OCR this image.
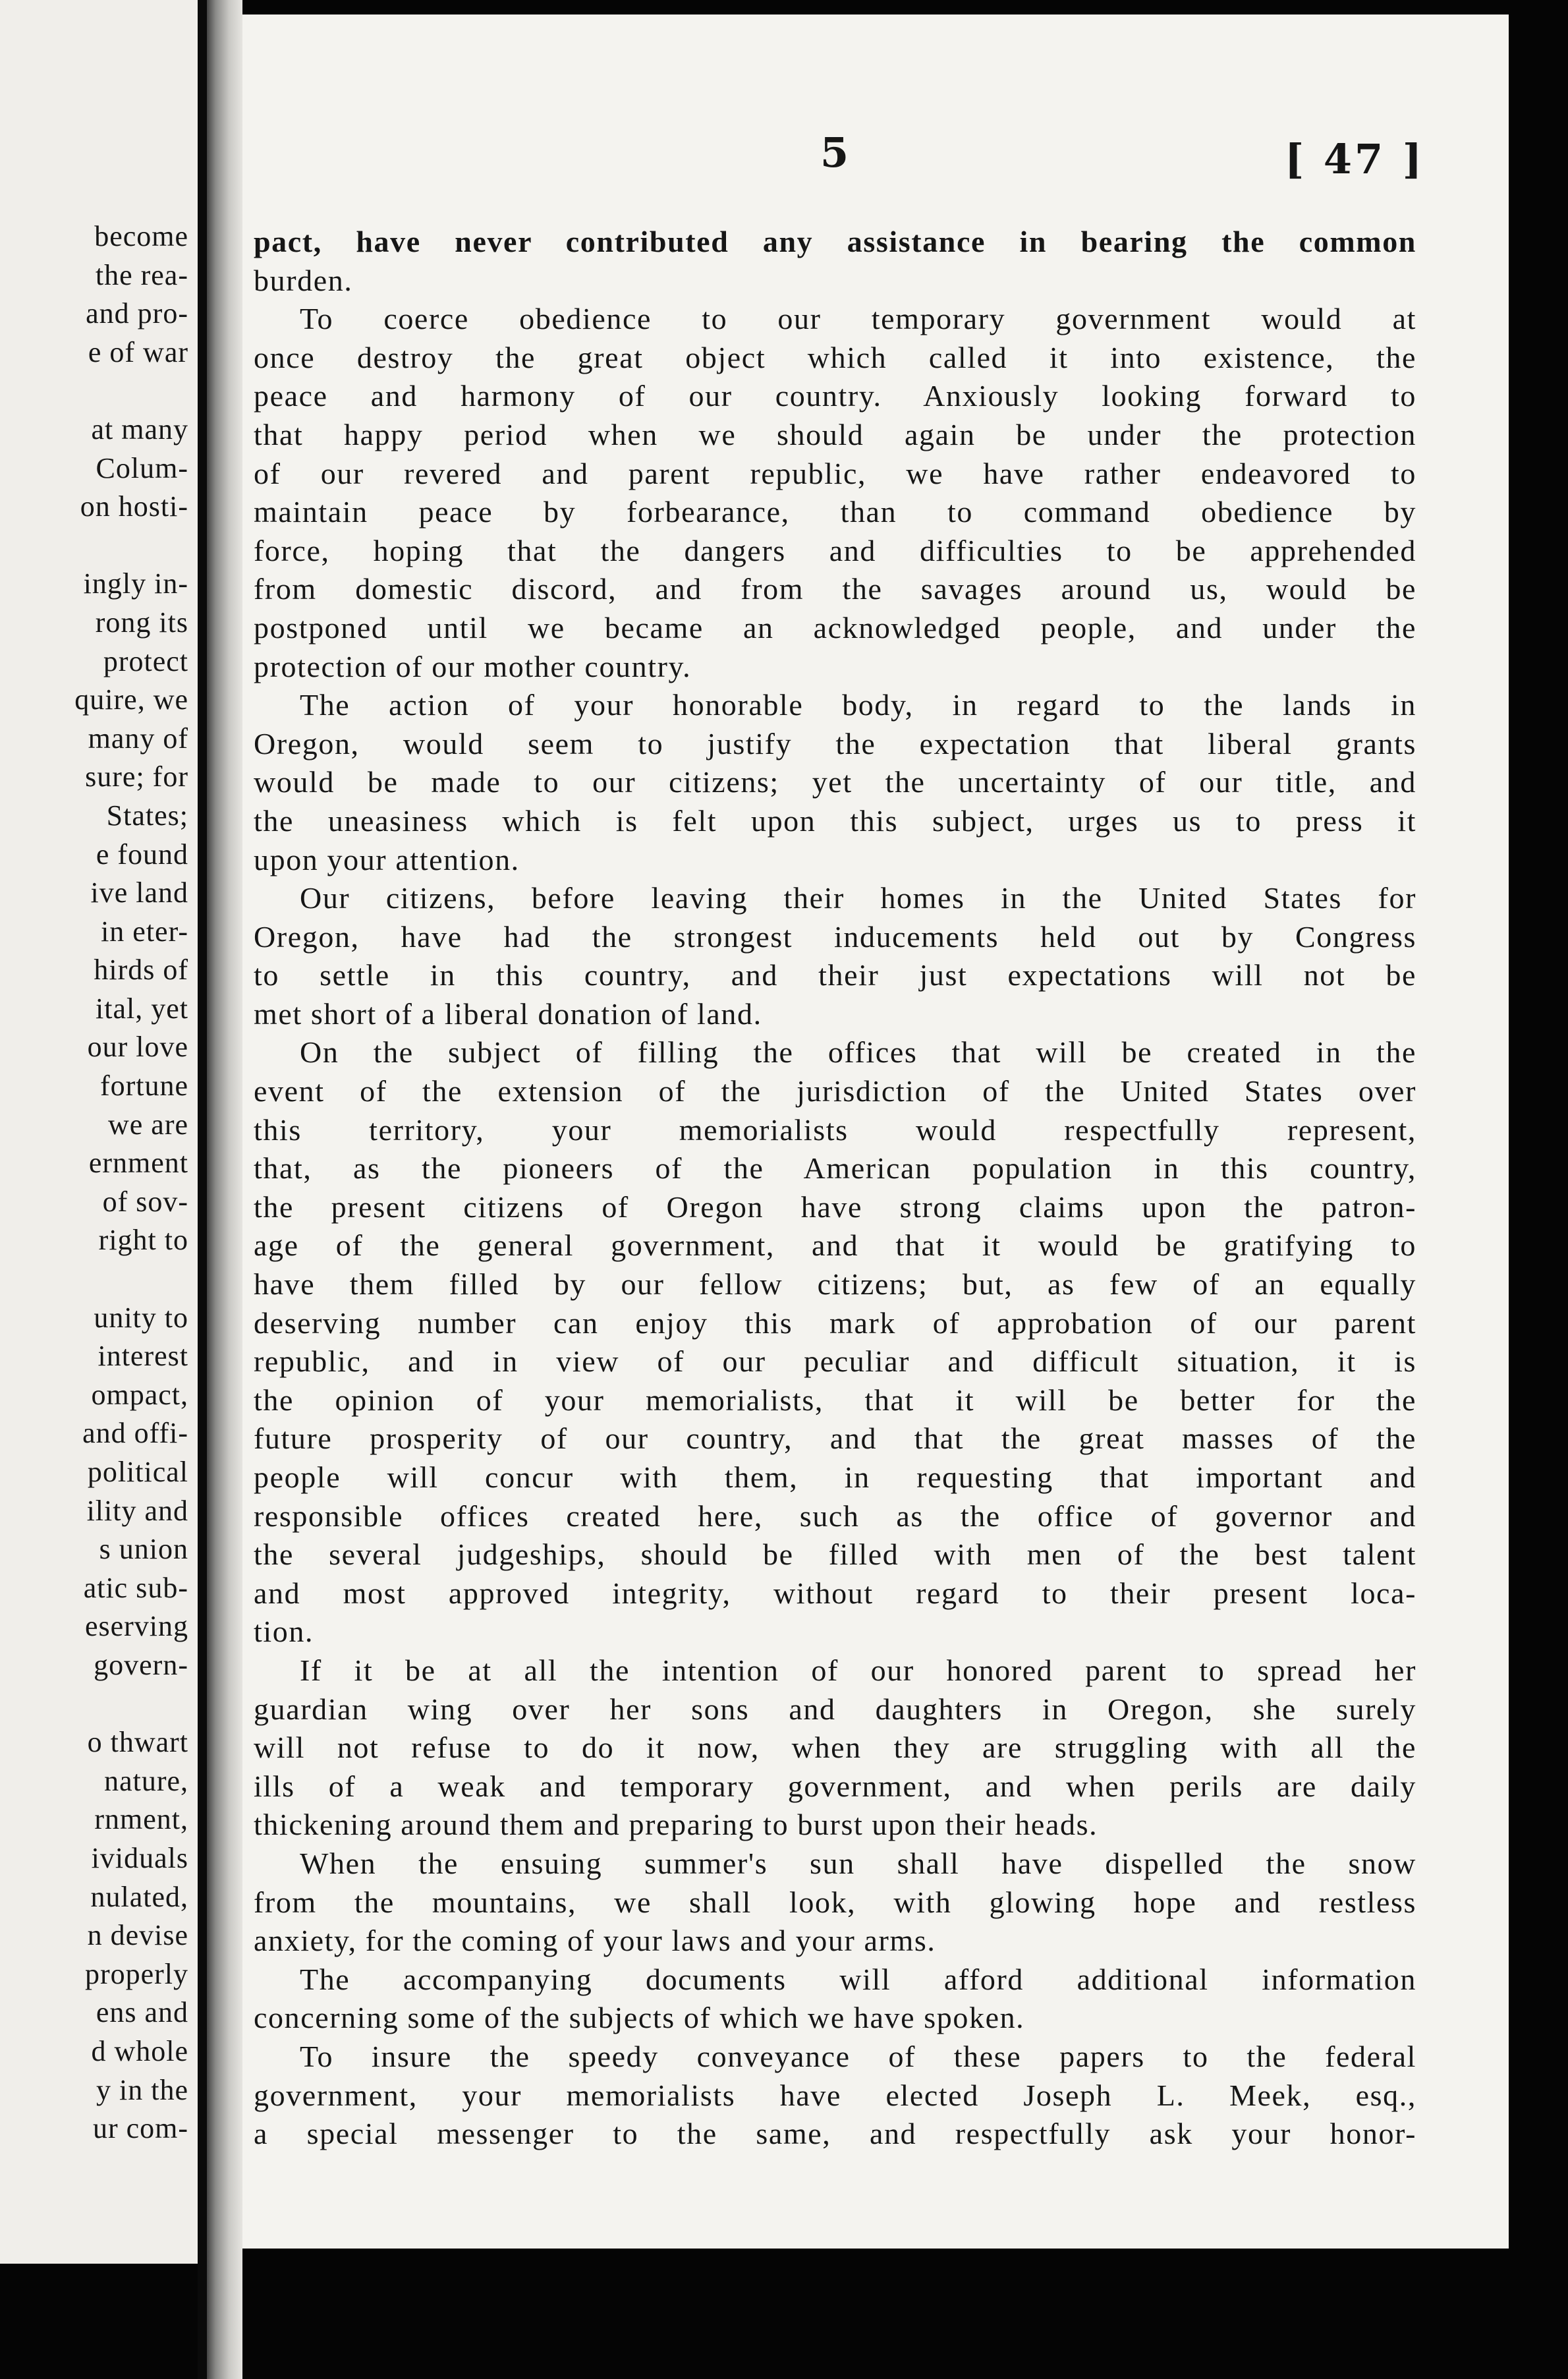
become
the rea-
and pro-
e of war

at many
Colum-
on hosti-

ingly in-
rong its
protect
quire, we
many of
sure; for
States;
e found
ive land
in eter-
hirds of
ital, yet
our love
fortune
we are
ernment
of sov-
right to

unity to
interest
ompact,
and offi-
political
ility and
s union
atic sub-
eserving
govern-

o thwart
nature,
rnment,
ividuals
nulated,
n devise
properly
ens and
d whole
y in the
ur com-
5	[ 47 ]
pact, have never contributed any assistance in bearing the common
burden.
To coerce obedience to our temporary government would at
once destroy the great object which called it into existence, the
peace and harmony of our country. Anxiously looking forward to
that happy period when we should again be under the protection
of our revered and parent republic, we have rather endeavored to
maintain peace by forbearance, than to command obedience by
force, hoping that the dangers and difficulties to be apprehended
from domestic discord, and from the savages around us, would be
postponed until we became an acknowledged people, and under the
protection of our mother country.
The action of your honorable body, in regard to the lands in
Oregon, would seem to justify the expectation that liberal grants
would be made to our citizens; yet the uncertainty of our title, and
the uneasiness which is felt upon this subject, urges us to press it
upon your attention.
Our citizens, before leaving their homes in the United States for
Oregon, have had the strongest inducements held out by Congress
to settle in this country, and their just expectations will not be
met short of a liberal donation of land.
On the subject of filling the offices that will be created in the
event of the extension of the jurisdiction of the United States over
this territory, your memorialists would respectfully represent,
that, as the pioneers of the American population in this country,
the present citizens of Oregon have strong claims upon the patron-
age of the general government, and that it would be gratifying to
have them filled by our fellow citizens; but, as few of an equally
deserving number can enjoy this mark of approbation of our parent
republic, and in view of our peculiar and difficult situation, it is
the opinion of your memorialists, that it will be better for the
future prosperity of our country, and that the great masses of the
people will concur with them, in requesting that important and
responsible offices created here, such as the office of governor and
the several judgeships, should be filled with men of the best talent
and most approved integrity, without regard to their present loca-
tion.
If it be at all the intention of our honored parent to spread her
guardian wing over her sons and daughters in Oregon, she surely
will not refuse to do it now, when they are struggling with all the
ills of a weak and temporary government, and when perils are daily
thickening around them and preparing to burst upon their heads.
When the ensuing summer's sun shall have dispelled the snow
from the mountains, we shall look, with glowing hope and restless
anxiety, for the coming of your laws and your arms.
The accompanying documents will afford additional information
concerning some of the subjects of which we have spoken.
To insure the speedy conveyance of these papers to the federal
government, your memorialists have elected Joseph L. Meek, esq.,
a special messenger to the same, and respectfully ask your honor-
